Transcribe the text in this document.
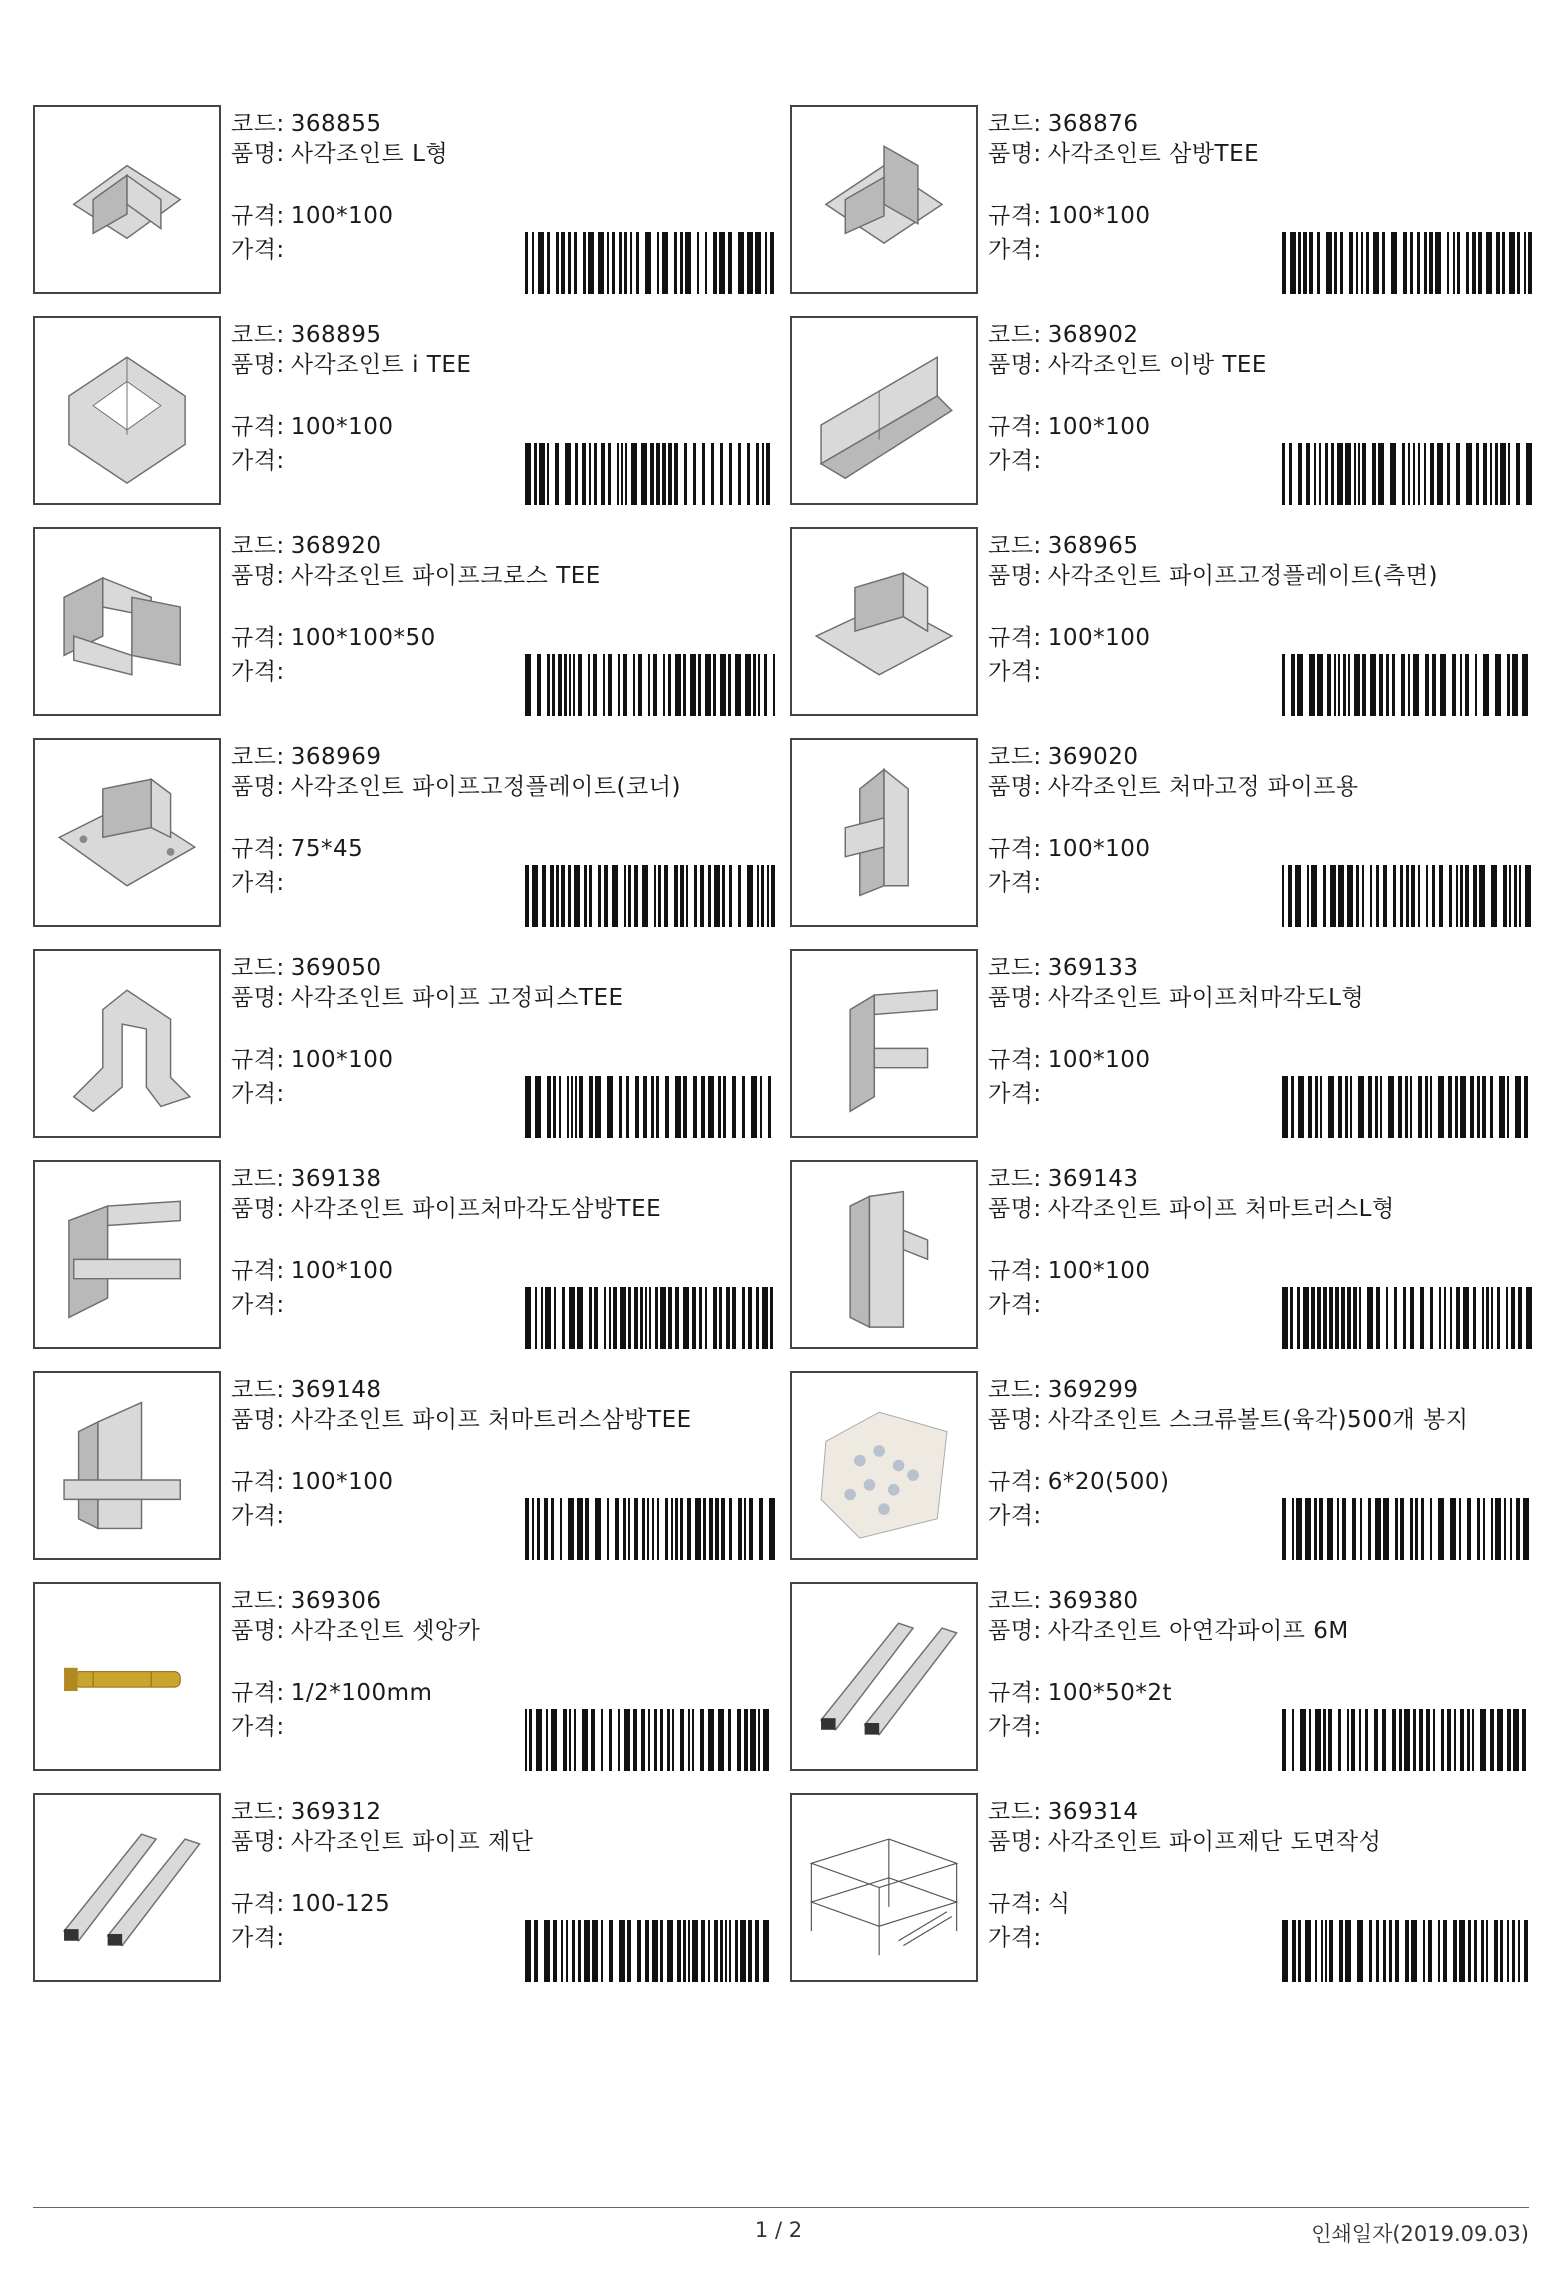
코드: 368855
품명: 사각조인트 L형
규격: 100*100
가격:
코드: 368876
품명: 사각조인트 삼방TEE
규격: 100*100
가격:
코드: 368895
품명: 사각조인트 i TEE
규격: 100*100
가격:
코드: 368902
품명: 사각조인트 이방 TEE
규격: 100*100
가격:
코드: 368920
품명: 사각조인트 파이프크로스 TEE
규격: 100*100*50
가격:
코드: 368965
품명: 사각조인트 파이프고정플레이트(측면)
규격: 100*100
가격:
코드: 368969
품명: 사각조인트 파이프고정플레이트(코너)
규격: 75*45
가격:
코드: 369020
품명: 사각조인트 처마고정 파이프용
규격: 100*100
가격:
코드: 369050
품명: 사각조인트 파이프 고정피스TEE
규격: 100*100
가격:
코드: 369133
품명: 사각조인트 파이프처마각도L형
규격: 100*100
가격:
코드: 369138
품명: 사각조인트 파이프처마각도삼방TEE
규격: 100*100
가격:
코드: 369143
품명: 사각조인트 파이프 처마트러스L형
규격: 100*100
가격:
코드: 369148
품명: 사각조인트 파이프 처마트러스삼방TEE
규격: 100*100
가격:
코드: 369299
품명: 사각조인트 스크류볼트(육각)500개 봉지
규격: 6*20(500)
가격:
코드: 369306
품명: 사각조인트 셋앙카
규격: 1/2*100mm
가격:
코드: 369380
품명: 사각조인트 아연각파이프 6M
규격: 100*50*2t
가격:
코드: 369312
품명: 사각조인트 파이프 제단
규격: 100-125
가격:
코드: 369314
품명: 사각조인트 파이프제단 도면작성
규격: 식
가격:
1 / 2	인쇄일자(2019.09.03)
